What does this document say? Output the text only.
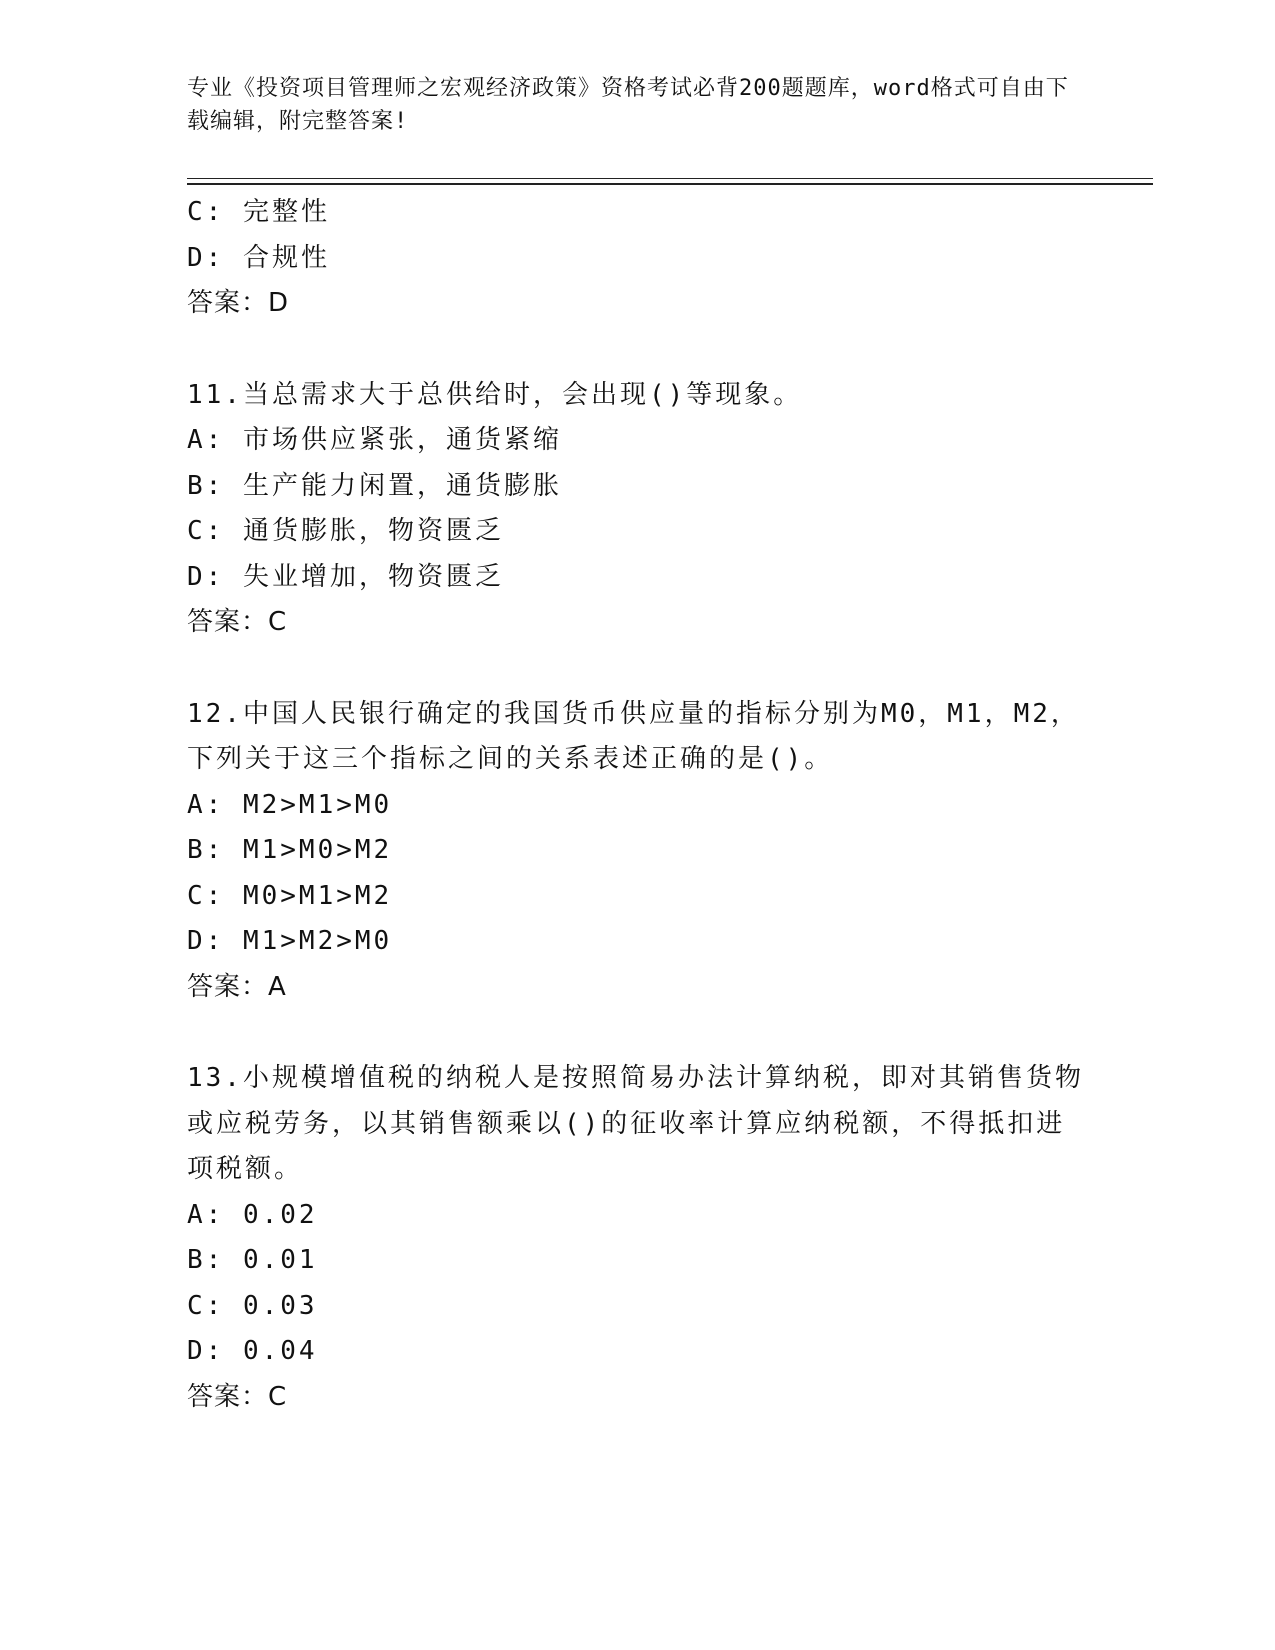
专业《投资项目管理师之宏观经济政策》资格考试必背200题题库，word格式可自由下载编辑，附完整答案!

C: 完整性

D: 合规性

答案：D

11.当总需求大于总供给时，会出现()等现象。

A: 市场供应紧张，通货紧缩

B: 生产能力闲置，通货膨胀

C: 通货膨胀，物资匮乏

D: 失业增加，物资匮乏

答案：C

12.中国人民银行确定的我国货币供应量的指标分别为M0，M1，M2，下列关于这三个指标之间的关系表述正确的是()。

A: M2>M1>M0

B: M1>M0>M2

C: M0>M1>M2

D: M1>M2>M0

答案：A

13.小规模增值税的纳税人是按照简易办法计算纳税，即对其销售货物或应税劳务，以其销售额乘以()的征收率计算应纳税额，不得抵扣进项税额。

A: 0.02

B: 0.01

C: 0.03

D: 0.04

答案：C
